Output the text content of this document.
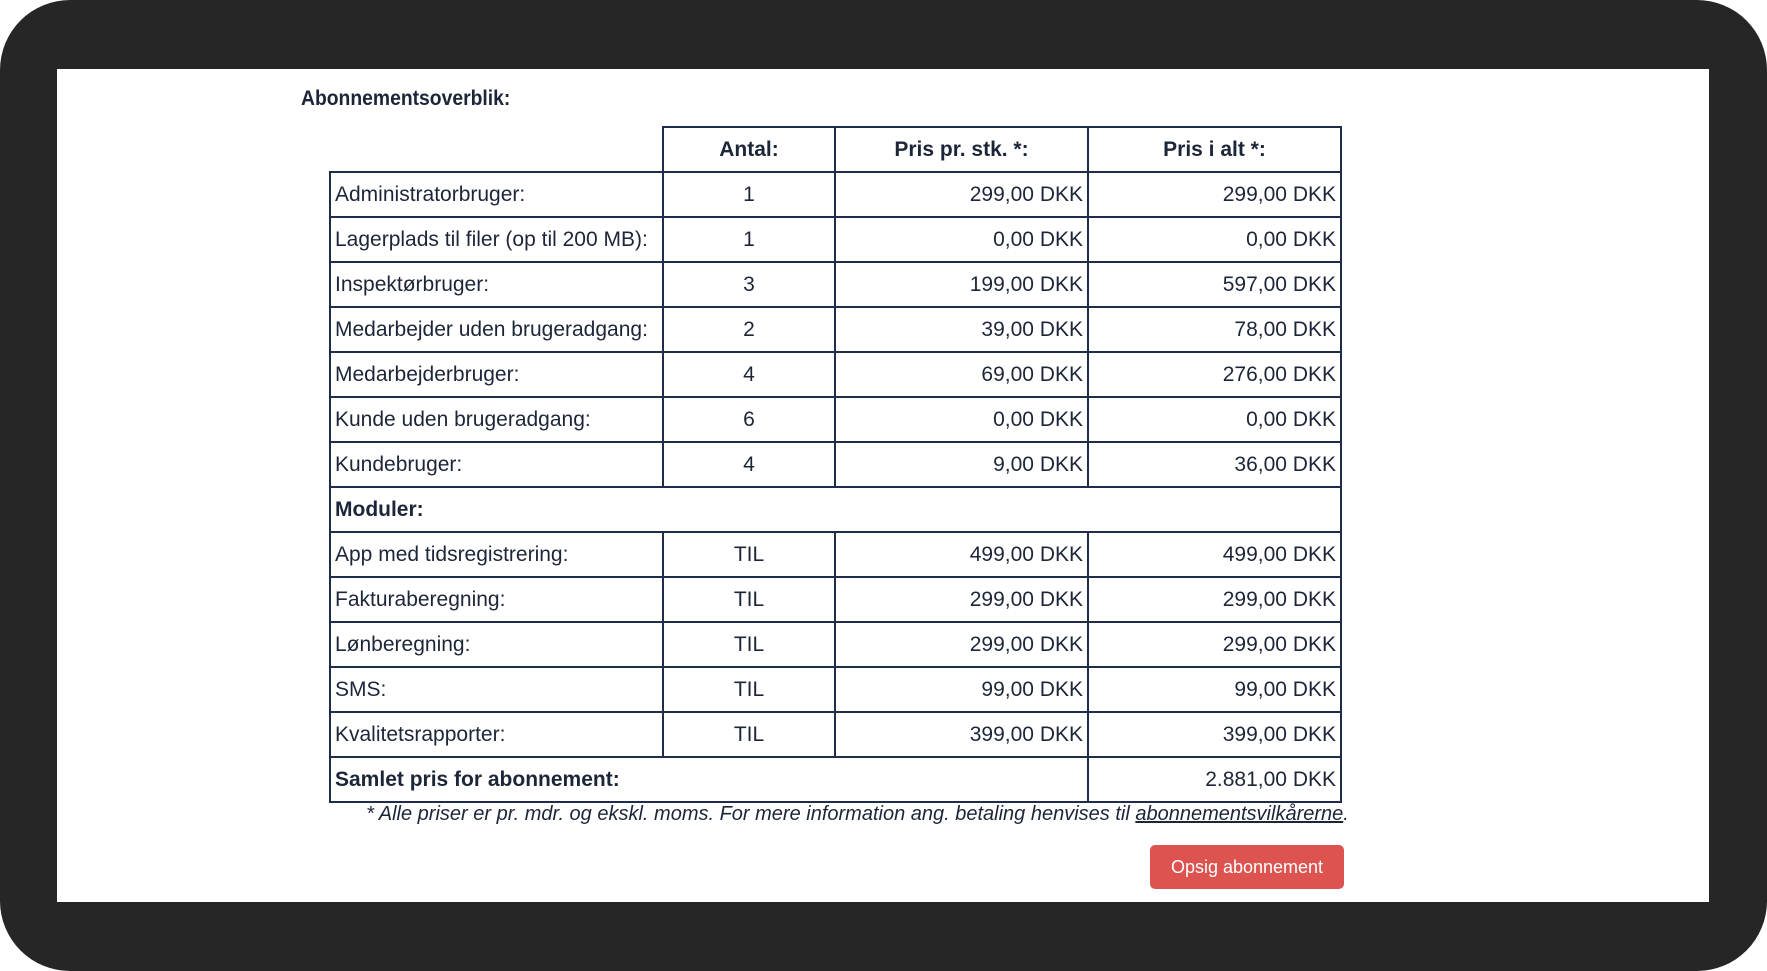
Abonnementsoverblik:
	Antal:	Pris pr. stk. *:	Pris i alt *:
Administratorbruger:	1	299,00 DKK	299,00 DKK
Lagerplads til filer (op til 200 MB):	1	0,00 DKK	0,00 DKK
Inspektørbruger:	3	199,00 DKK	597,00 DKK
Medarbejder uden brugeradgang:	2	39,00 DKK	78,00 DKK
Medarbejderbruger:	4	69,00 DKK	276,00 DKK
Kunde uden brugeradgang:	6	0,00 DKK	0,00 DKK
Kundebruger:	4	9,00 DKK	36,00 DKK
Moduler:			
App med tidsregistrering:	TIL	499,00 DKK	499,00 DKK
Fakturaberegning:	TIL	299,00 DKK	299,00 DKK
Lønberegning:	TIL	299,00 DKK	299,00 DKK
SMS:	TIL	99,00 DKK	99,00 DKK
Kvalitetsrapporter:	TIL	399,00 DKK	399,00 DKK
Samlet pris for abonnement:			2.881,00 DKK
* Alle priser er pr. mdr. og ekskl. moms. For mere information ang. betaling henvises til abonnementsvilkårerne.
Opsig abonnement
